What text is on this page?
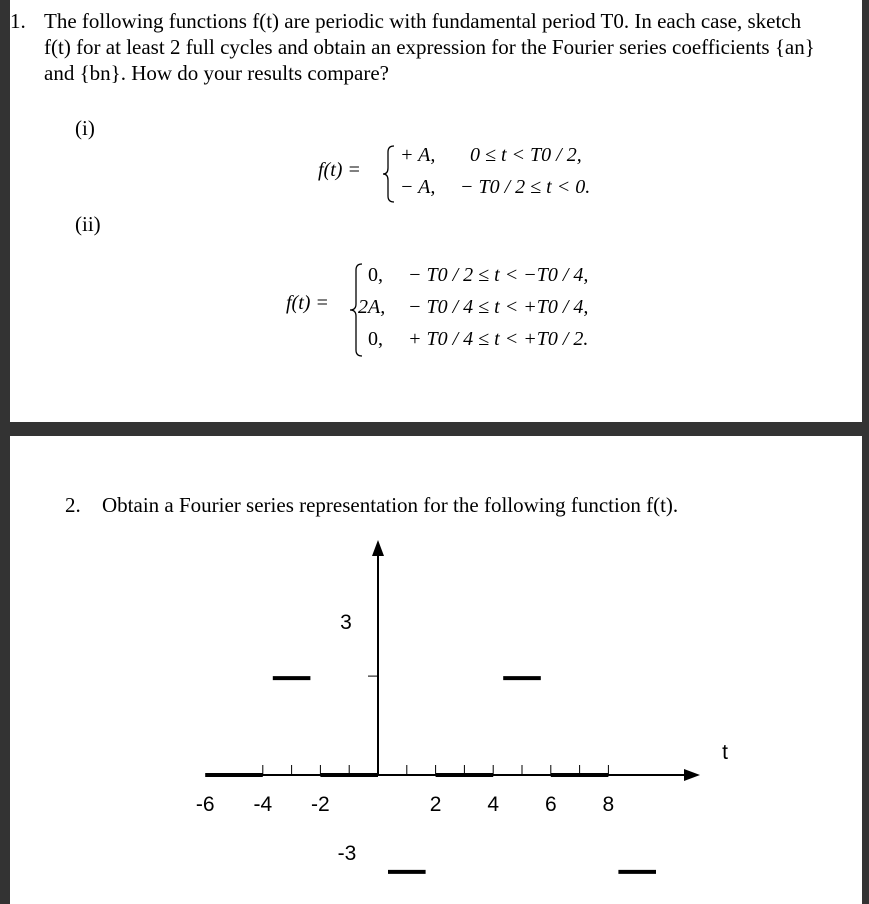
1. The following functions f(t) are periodic with fundamental period T0. In each case, sketch
f(t) for at least 2 full cycles and obtain an expression for the Fourier series coefficients {an}
and {bn}. How do your results compare?
(i)
f(t) =
+ A, 0 ≤ t < T0 / 2,
− A, − T0 / 2 ≤ t < 0.
(ii)
f(t) =
0, − T0 / 2 ≤ t < −T0 / 4,
2A, − T0 / 4 ≤ t < +T0 / 4,
0, + T0 / 4 ≤ t < +T0 / 2.
2. Obtain a Fourier series representation for the following function f(t).
-6 -4 -2	2 4 6 8
3
-3
t
